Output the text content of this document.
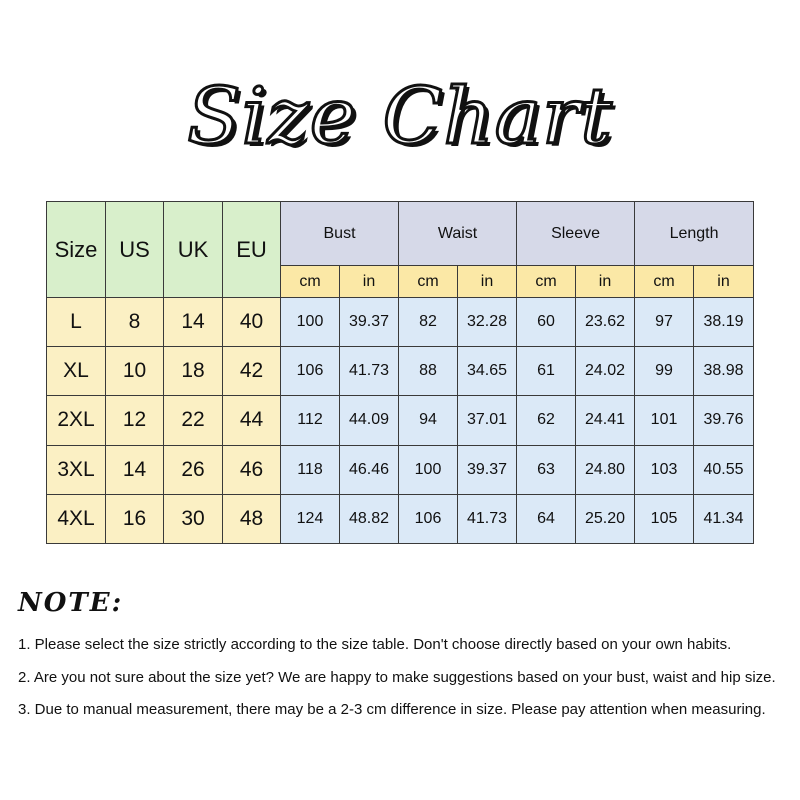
Size Chart
Size	US	UK	EU	Bust		Waist		Sleeve		Length	
				cm	in	cm	in	cm	in	cm	in
L	8	14	40	100	39.37	82	32.28	60	23.62	97	38.19
XL	10	18	42	106	41.73	88	34.65	61	24.02	99	38.98
2XL	12	22	44	112	44.09	94	37.01	62	24.41	101	39.76
3XL	14	26	46	118	46.46	100	39.37	63	24.80	103	40.55
4XL	16	30	48	124	48.82	106	41.73	64	25.20	105	41.34
NOTE:
1. Please select the size strictly according to the size table. Don't choose directly based on your own habits.
2. Are you not sure about the size yet? We are happy to make suggestions based on your bust, waist and hip size.
3. Due to manual measurement, there may be a 2-3 cm difference in size. Please pay attention when measuring.
